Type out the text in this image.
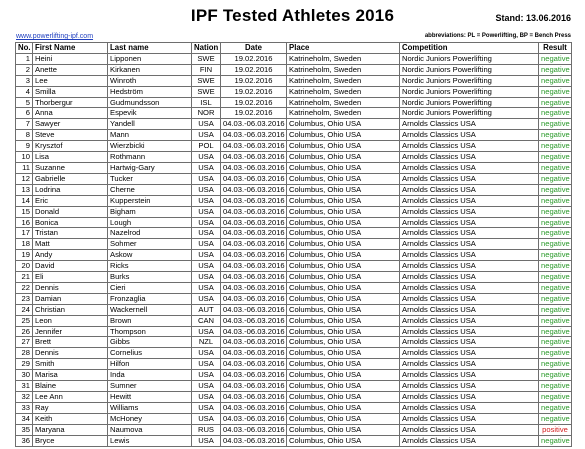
IPF Tested Athletes 2016	Stand: 13.06.2016
www.powerlifting-ipf.com	abbreviations: PL = Powerlifting, BP = Bench Press
No.	First Name	Last name	Nation	Date	Place	Competition	Result
1	Heini	Lipponen	SWE	19.02.2016	Katrineholm, Sweden	Nordic Juniors Powerlifting	negative
2	Anette	Kirkanen	FIN	19.02.2016	Katrineholm, Sweden	Nordic Juniors Powerlifting	negative
3	Lee	Winroth	SWE	19.02.2016	Katrineholm, Sweden	Nordic Juniors Powerlifting	negative
4	Smilla	Hedström	SWE	19.02.2016	Katrineholm, Sweden	Nordic Juniors Powerlifting	negative
5	Thorbergur	Gudmundsson	ISL	19.02.2016	Katrineholm, Sweden	Nordic Juniors Powerlifting	negative
6	Anna	Espevik	NOR	19.02.2016	Katrineholm, Sweden	Nordic Juniors Powerlifting	negative
7	Sawyer	Yandell	USA	04.03.-06.03.2016	Columbus, Ohio USA	Arnolds Classics USA	negative
8	Steve	Mann	USA	04.03.-06.03.2016	Columbus, Ohio USA	Arnolds Classics USA	negative
9	Krysztof	Wierzbicki	POL	04.03.-06.03.2016	Columbus, Ohio USA	Arnolds Classics USA	negative
10	Lisa	Rothmann	USA	04.03.-06.03.2016	Columbus, Ohio USA	Arnolds Classics USA	negative
11	Suzanne	Hartwig-Gary	USA	04.03.-06.03.2016	Columbus, Ohio USA	Arnolds Classics USA	negative
12	Gabrielle	Tucker	USA	04.03.-06.03.2016	Columbus, Ohio USA	Arnolds Classics USA	negative
13	Lodrina	Cherne	USA	04.03.-06.03.2016	Columbus, Ohio USA	Arnolds Classics USA	negative
14	Eric	Kupperstein	USA	04.03.-06.03.2016	Columbus, Ohio USA	Arnolds Classics USA	negative
15	Donald	Bigham	USA	04.03.-06.03.2016	Columbus, Ohio USA	Arnolds Classics USA	negative
16	Bonica	Lough	USA	04.03.-06.03.2016	Columbus, Ohio USA	Arnolds Classics USA	negative
17	Tristan	Nazelrod	USA	04.03.-06.03.2016	Columbus, Ohio USA	Arnolds Classics USA	negative
18	Matt	Sohmer	USA	04.03.-06.03.2016	Columbus, Ohio USA	Arnolds Classics USA	negative
19	Andy	Askow	USA	04.03.-06.03.2016	Columbus, Ohio USA	Arnolds Classics USA	negative
20	David	Ricks	USA	04.03.-06.03.2016	Columbus, Ohio USA	Arnolds Classics USA	negative
21	Eli	Burks	USA	04.03.-06.03.2016	Columbus, Ohio USA	Arnolds Classics USA	negative
22	Dennis	Cieri	USA	04.03.-06.03.2016	Columbus, Ohio USA	Arnolds Classics USA	negative
23	Damian	Fronzaglia	USA	04.03.-06.03.2016	Columbus, Ohio USA	Arnolds Classics USA	negative
24	Christian	Wackernell	AUT	04.03.-06.03.2016	Columbus, Ohio USA	Arnolds Classics USA	negative
25	Leon	Brown	CAN	04.03.-06.03.2016	Columbus, Ohio USA	Arnolds Classics USA	negative
26	Jennifer	Thompson	USA	04.03.-06.03.2016	Columbus, Ohio USA	Arnolds Classics USA	negative
27	Brett	Gibbs	NZL	04.03.-06.03.2016	Columbus, Ohio USA	Arnolds Classics USA	negative
28	Dennis	Cornelius	USA	04.03.-06.03.2016	Columbus, Ohio USA	Arnolds Classics USA	negative
29	Smith	Hilfon	USA	04.03.-06.03.2016	Columbus, Ohio USA	Arnolds Classics USA	negative
30	Marisa	Inda	USA	04.03.-06.03.2016	Columbus, Ohio USA	Arnolds Classics USA	negative
31	Blaine	Sumner	USA	04.03.-06.03.2016	Columbus, Ohio USA	Arnolds Classics USA	negative
32	Lee Ann	Hewitt	USA	04.03.-06.03.2016	Columbus, Ohio USA	Arnolds Classics USA	negative
33	Ray	Williams	USA	04.03.-06.03.2016	Columbus, Ohio USA	Arnolds Classics USA	negative
34	Keith	McHoney	USA	04.03.-06.03.2016	Columbus, Ohio USA	Arnolds Classics USA	negative
35	Maryana	Naumova	RUS	04.03.-06.03.2016	Columbus, Ohio USA	Arnolds Classics USA	positive
36	Bryce	Lewis	USA	04.03.-06.03.2016	Columbus, Ohio USA	Arnolds Classics USA	negative
